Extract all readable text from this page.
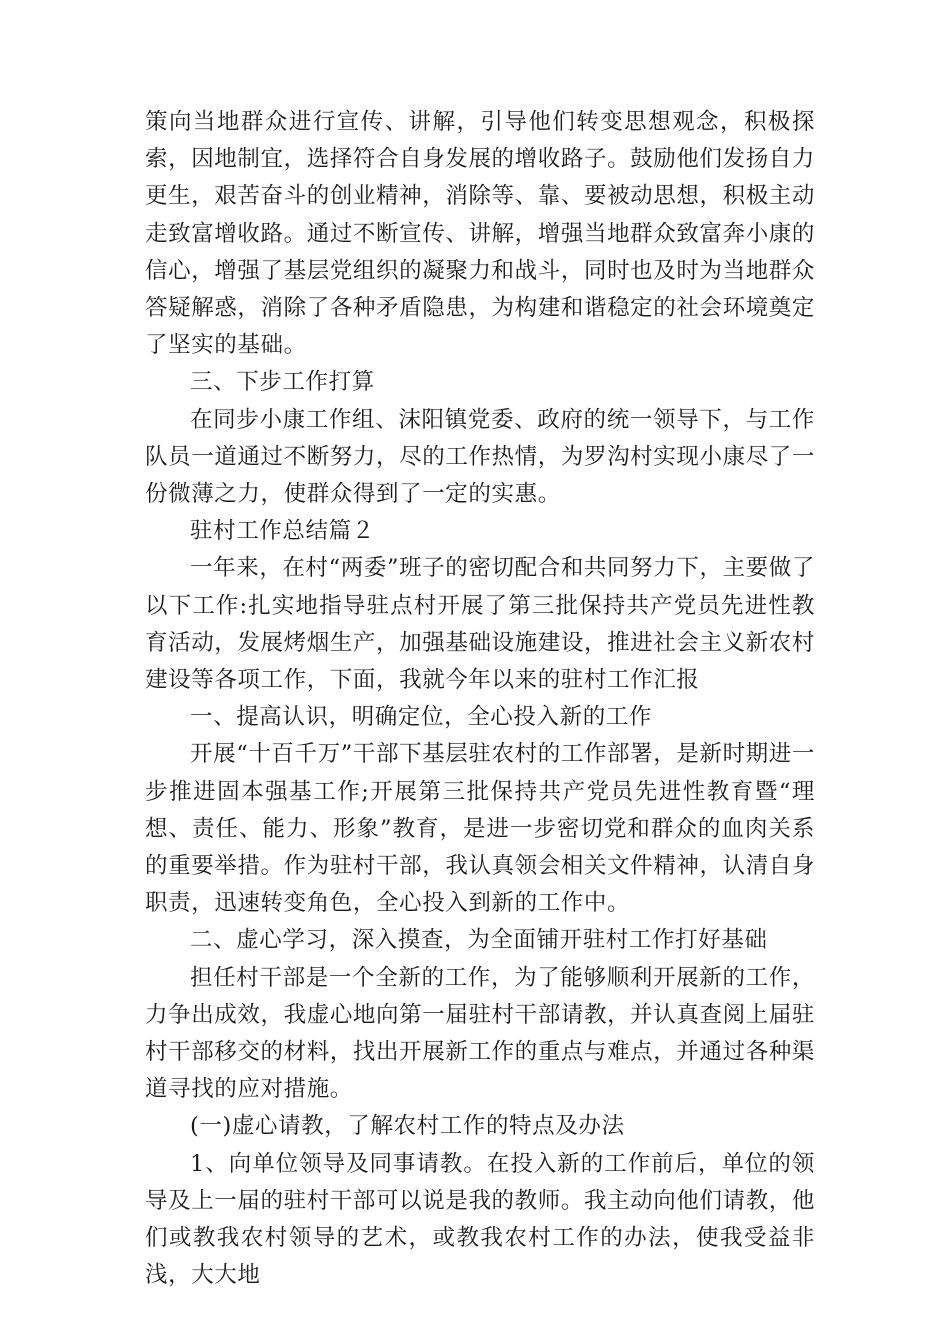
策向当地群众进行宣传、讲解，引导他们转变思想观念，积极探索，因地制宜，选择符合自身发展的增收路子。鼓励他们发扬自力更生，艰苦奋斗的创业精神，消除等、靠、要被动思想，积极主动走致富增收路。通过不断宣传、讲解，增强当地群众致富奔小康的信心，增强了基层党组织的凝聚力和战斗，同时也及时为当地群众答疑解惑，消除了各种矛盾隐患，为构建和谐稳定的社会环境奠定了坚实的基础。

三、下步工作打算

在同步小康工作组、沫阳镇党委、政府的统一领导下，与工作队员一道通过不断努力，尽的工作热情，为罗沟村实现小康尽了一份微薄之力，使群众得到了一定的实惠。

驻村工作总结篇２

一年来，在村“两委”班子的密切配合和共同努力下，主要做了以下工作:扎实地指导驻点村开展了第三批保持共产党员先进性教育活动，发展烤烟生产，加强基础设施建设，推进社会主义新农村建设等各项工作，下面，我就今年以来的驻村工作汇报

一、提高认识，明确定位，全心投入新的工作

开展“十百千万”干部下基层驻农村的工作部署，是新时期进一步推进固本强基工作;开展第三批保持共产党员先进性教育暨“理想、责任、能力、形象”教育，是进一步密切党和群众的血肉关系的重要举措。作为驻村干部，我认真领会相关文件精神，认清自身职责，迅速转变角色，全心投入到新的工作中。

二、虚心学习，深入摸查，为全面铺开驻村工作打好基础

担任村干部是一个全新的工作，为了能够顺利开展新的工作，力争出成效，我虚心地向第一届驻村干部请教，并认真查阅上届驻村干部移交的材料，找出开展新工作的重点与难点，并通过各种渠道寻找的应对措施。

(一)虚心请教，了解农村工作的特点及办法

1、向单位领导及同事请教。在投入新的工作前后，单位的领导及上一届的驻村干部可以说是我的教师。我主动向他们请教，他们或教我农村领导的艺术，或教我农村工作的办法，使我受益非浅，大大地
